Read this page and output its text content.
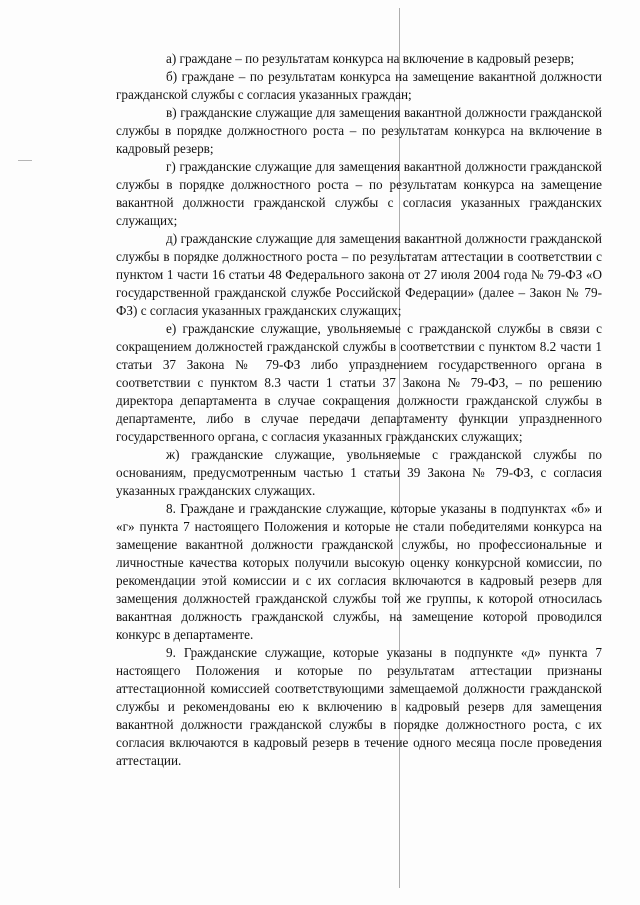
а) граждане – по результатам конкурса на включение в кадровый резерв;

б) граждане – по результатам конкурса на замещение вакантной должности гражданской службы с согласия указанных граждан;

в) гражданские служащие для замещения вакантной должности гражданской службы в порядке должностного роста – по результатам конкурса на включение в кадровый резерв;

г) гражданские служащие для замещения вакантной должности гражданской службы в порядке должностного роста – по результатам конкурса на замещение вакантной должности гражданской службы с согласия указанных гражданских служащих;

д) гражданские служащие для замещения вакантной должности гражданской службы в порядке должностного роста – по результатам аттестации в соответствии с пунктом 1 части 16 статьи 48 Федерального закона от 27 июля 2004 года № 79-ФЗ «О государственной гражданской службе Российской Федерации» (далее – Закон № 79-ФЗ) с согласия указанных гражданских служащих;

е) гражданские служащие, увольняемые с гражданской службы в связи с сокращением должностей гражданской службы в соответствии с пунктом 8.2 части 1 статьи 37 Закона № 79-ФЗ либо упразднением государственного органа в соответствии с пунктом 8.3 части 1 статьи 37 Закона № 79-ФЗ, – по решению директора департамента в случае сокращения должности гражданской службы в департаменте, либо в случае передачи департаменту функции упраздненного государственного органа, с согласия указанных гражданских служащих;

ж) гражданские служащие, увольняемые с гражданской службы по основаниям, предусмотренным частью 1 статьи 39 Закона № 79-ФЗ, с согласия указанных гражданских служащих.

8. Граждане и гражданские служащие, которые указаны в подпунктах «б» и «г» пункта 7 настоящего Положения и которые не стали победителями конкурса на замещение вакантной должности гражданской службы, но профессиональные и личностные качества которых получили высокую оценку конкурсной комиссии, по рекомендации этой комиссии и с их согласия включаются в кадровый резерв для замещения должностей гражданской службы той же группы, к которой относилась вакантная должность гражданской службы, на замещение которой проводился конкурс в департаменте.

9. Гражданские служащие, которые указаны в подпункте «д» пункта 7 настоящего Положения и которые по результатам аттестации признаны аттестационной комиссией соответствующими замещаемой должности гражданской службы и рекомендованы ею к включению в кадровый резерв для замещения вакантной должности гражданской службы в порядке должностного роста, с их согласия включаются в кадровый резерв в течение одного месяца после проведения аттестации.
